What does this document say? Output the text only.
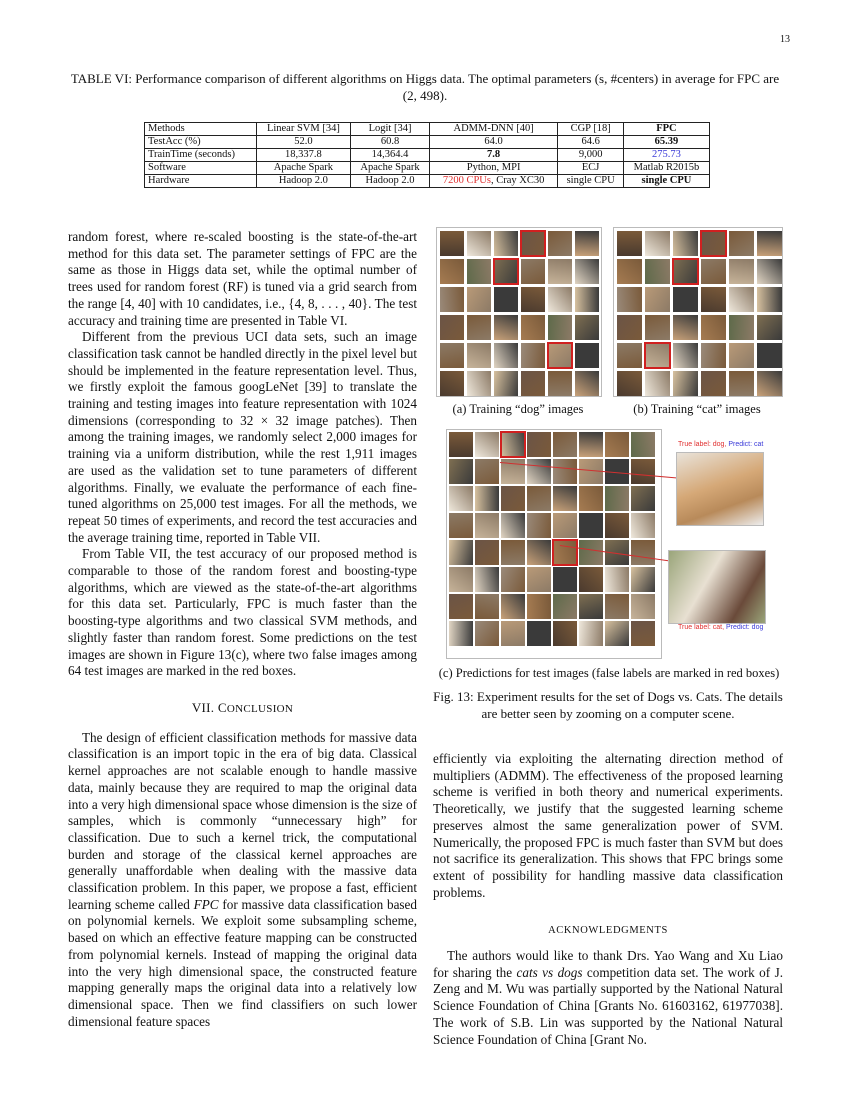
13
TABLE VI: Performance comparison of different algorithms on Higgs data. The optimal parameters (s, #centers) in average for FPC are (2, 498).
Methods	Linear SVM [34]	Logit [34]	ADMM-DNN [40]	CGP [18]	FPC
TestAcc (%)	52.0	60.8	64.0	64.6	65.39
TrainTime (seconds)	18,337.8	14,364.4	7.8	9,000	275.73
Software	Apache Spark	Apache Spark	Python, MPI	ECJ	Matlab R2015b
Hardware	Hadoop 2.0	Hadoop 2.0	7200 CPUs, Cray XC30	single CPU	single CPU

random forest, where re-scaled boosting is the state-of-the-art method for this data set. The parameter settings of FPC are the same as those in Higgs data set, while the optimal number of trees used for random forest (RF) is tuned via a grid search from the range [4, 40] with 10 candidates, i.e., {4, 8, . . . , 40}. The test accuracy and training time are presented in Table VI.

Different from the previous UCI data sets, such an image classification task cannot be handled directly in the pixel level but should be implemented in the feature representation level. Thus, we firstly exploit the famous googLeNet [39] to translate the training and testing images into feature representation with 1024 dimensions (corresponding to 32 × 32 image patches). Then among the training images, we randomly select 2,000 images for training via a uniform distribution, while the rest 1,911 images are used as the validation set to tune parameters of different algorithms. Finally, we evaluate the performance of each fine-tuned algorithms on 25,000 test images. For all the methods, we repeat 50 times of experiments, and record the test accuracies and the average training time, reported in Table VII.

From Table VII, the test accuracy of our proposed method is comparable to those of the random forest and boosting-type algorithms, which are viewed as the state-of-the-art algorithms for this data set. Particularly, FPC is much faster than the boosting-type algorithms and two classical SVM methods, and slightly faster than random forest. Some predictions on the test images are shown in Figure 13(c), where two false images among 64 test images are marked in the red boxes.

VII. CONCLUSION

The design of efficient classification methods for massive data classification is an import topic in the era of big data. Classical kernel approaches are not scalable enough to handle massive data, mainly because they are required to map the original data into a very high dimensional space whose dimension is the size of samples, which is commonly “unnecessary high” for classification. Due to such a kernel trick, the computational burden and storage of the classical kernel approaches are generally unaffordable when dealing with the massive data classification problem. In this paper, we propose a fast, efficient learning scheme called FPC for massive data classification based on polynomial kernels. We exploit some subsampling scheme, based on which an effective feature mapping can be constructed from polynomial kernels. Instead of mapping the original data into the very high dimensional space, the constructed feature mapping generally maps the original data into a relatively low dimensional space. Then we find classifiers on such lower dimensional feature spaces

efficiently via exploiting the alternating direction method of multipliers (ADMM). The effectiveness of the proposed learning scheme is verified in both theory and numerical experiments. Theoretically, we justify that the suggested learning scheme preserves almost the same generalization power of SVM. Numerically, the proposed FPC is much faster than SVM but does not sacrifice its generalization. This shows that FPC brings some extent of possibility for handling massive data classification problems.

ACKNOWLEDGMENTS

The authors would like to thank Drs. Yao Wang and Xu Liao for sharing the cats vs dogs competition data set. The work of J. Zeng and M. Wu was partially supported by the National Natural Science Foundation of China [Grants No. 61603162, 61977038]. The work of S.B. Lin was supported by the National Natural Science Foundation of China [Grant No.

(a) Training “dog” images	(b) Training “cat” images
True label: dog, Predict: cat
True label: cat, Predict: dog
(c) Predictions for test images (false labels are marked in red boxes)
Fig. 13: Experiment results for the set of Dogs vs. Cats. The details are better seen by zooming on a computer scene.
